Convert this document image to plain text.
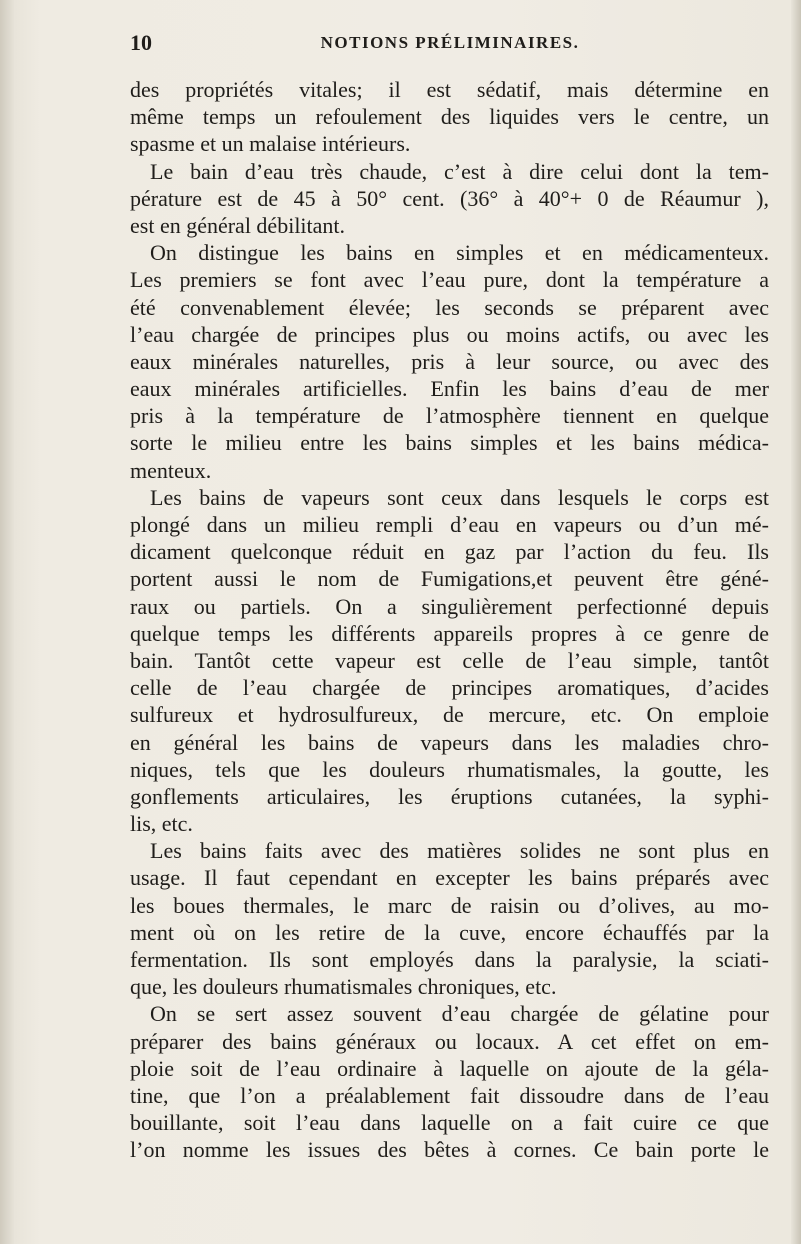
10	NOTIONS PRÉLIMINAIRES.
des propriétés vitales; il est sédatif, mais détermine en
même temps un refoulement des liquides vers le centre, un
spasme et un malaise intérieurs.
Le bain d’eau très chaude, c’est à dire celui dont la tem-
pérature est de 45 à 50° cent. (36° à 40°+ 0 de Réaumur ),
est en général débilitant.
On distingue les bains en simples et en médicamenteux.
Les premiers se font avec l’eau pure, dont la température a
été convenablement élevée; les seconds se préparent avec
l’eau chargée de principes plus ou moins actifs, ou avec les
eaux minérales naturelles, pris à leur source, ou avec des
eaux minérales artificielles. Enfin les bains d’eau de mer
pris à la température de l’atmosphère tiennent en quelque
sorte le milieu entre les bains simples et les bains médica-
menteux.
Les bains de vapeurs sont ceux dans lesquels le corps est
plongé dans un milieu rempli d’eau en vapeurs ou d’un mé-
dicament quelconque réduit en gaz par l’action du feu. Ils
portent aussi le nom de Fumigations,et peuvent être géné-
raux ou partiels. On a singulièrement perfectionné depuis
quelque temps les différents appareils propres à ce genre de
bain. Tantôt cette vapeur est celle de l’eau simple, tantôt
celle de l’eau chargée de principes aromatiques, d’acides
sulfureux et hydrosulfureux, de mercure, etc. On emploie
en général les bains de vapeurs dans les maladies chro-
niques, tels que les douleurs rhumatismales, la goutte, les
gonflements articulaires, les éruptions cutanées, la syphi-
lis, etc.
Les bains faits avec des matières solides ne sont plus en
usage. Il faut cependant en excepter les bains préparés avec
les boues thermales, le marc de raisin ou d’olives, au mo-
ment où on les retire de la cuve, encore échauffés par la
fermentation. Ils sont employés dans la paralysie, la sciati-
que, les douleurs rhumatismales chroniques, etc.
On se sert assez souvent d’eau chargée de gélatine pour
préparer des bains généraux ou locaux. A cet effet on em-
ploie soit de l’eau ordinaire à laquelle on ajoute de la géla-
tine, que l’on a préalablement fait dissoudre dans de l’eau
bouillante, soit l’eau dans laquelle on a fait cuire ce que
l’on nomme les issues des bêtes à cornes. Ce bain porte le
